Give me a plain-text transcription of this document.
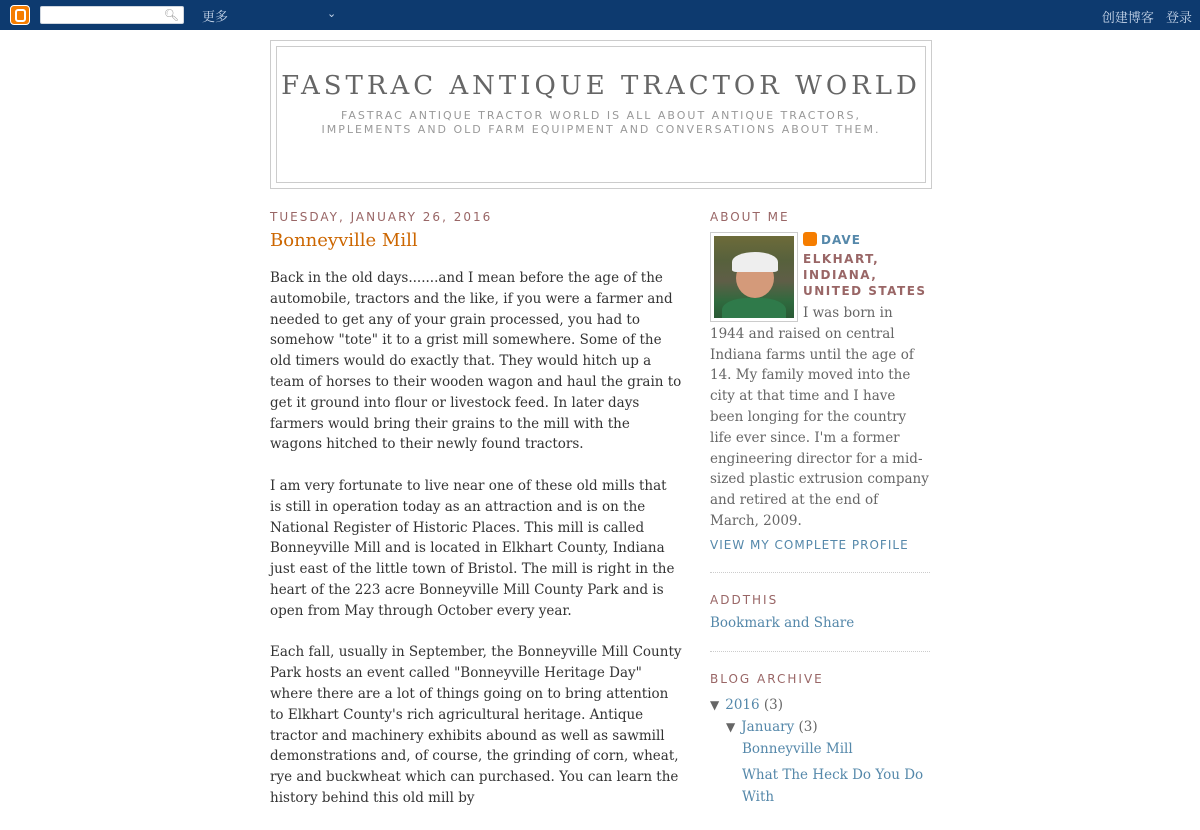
🔍︎ 更多	⌄	创建博客 登录
FASTRAC ANTIQUE TRACTOR WORLD
FASTRAC ANTIQUE TRACTOR WORLD IS ALL ABOUT ANTIQUE TRACTORS, IMPLEMENTS AND OLD FARM EQUIPMENT AND CONVERSATIONS ABOUT THEM.
TUESDAY, JANUARY 26, 2016
Bonneyville Mill

Back in the old days.......and I mean before the age of the automobile, tractors and the like, if you were a farmer and needed to get any of your grain processed, you had to somehow "tote" it to a grist mill somewhere. Some of the old timers would do exactly that. They would hitch up a team of horses to their wooden wagon and haul the grain to get it ground into flour or livestock feed. In later days farmers would bring their grains to the mill with the wagons hitched to their newly found tractors.

I am very fortunate to live near one of these old mills that is still in operation today as an attraction and is on the National Register of Historic Places. This mill is called Bonneyville Mill and is located in Elkhart County, Indiana just east of the little town of Bristol. The mill is right in the heart of the 223 acre Bonneyville Mill County Park and is open from May through October every year.

Each fall, usually in September, the Bonneyville Mill County Park hosts an event called "Bonneyville Heritage Day" where there are a lot of things going on to bring attention to Elkhart County's rich agricultural heritage. Antique tractor and machinery exhibits abound as well as sawmill demonstrations and, of course, the grinding of corn, wheat, rye and buckwheat which can purchased. You can learn the history behind this old mill by

ABOUT ME
DAVE
ELKHART, INDIANA, UNITED STATES
I was born in 1944 and raised on central Indiana farms until the age of 14. My family moved into the city at that time and I have been longing for the country life ever since. I'm a former engineering director for a mid-sized plastic extrusion company and retired at the end of March, 2009.
VIEW MY COMPLETE PROFILE
ADDTHIS
Bookmark and Share
BLOG ARCHIVE
▼ 2016 (3)
▼ January (3)
Bonneyville Mill
What The Heck Do You Do With
